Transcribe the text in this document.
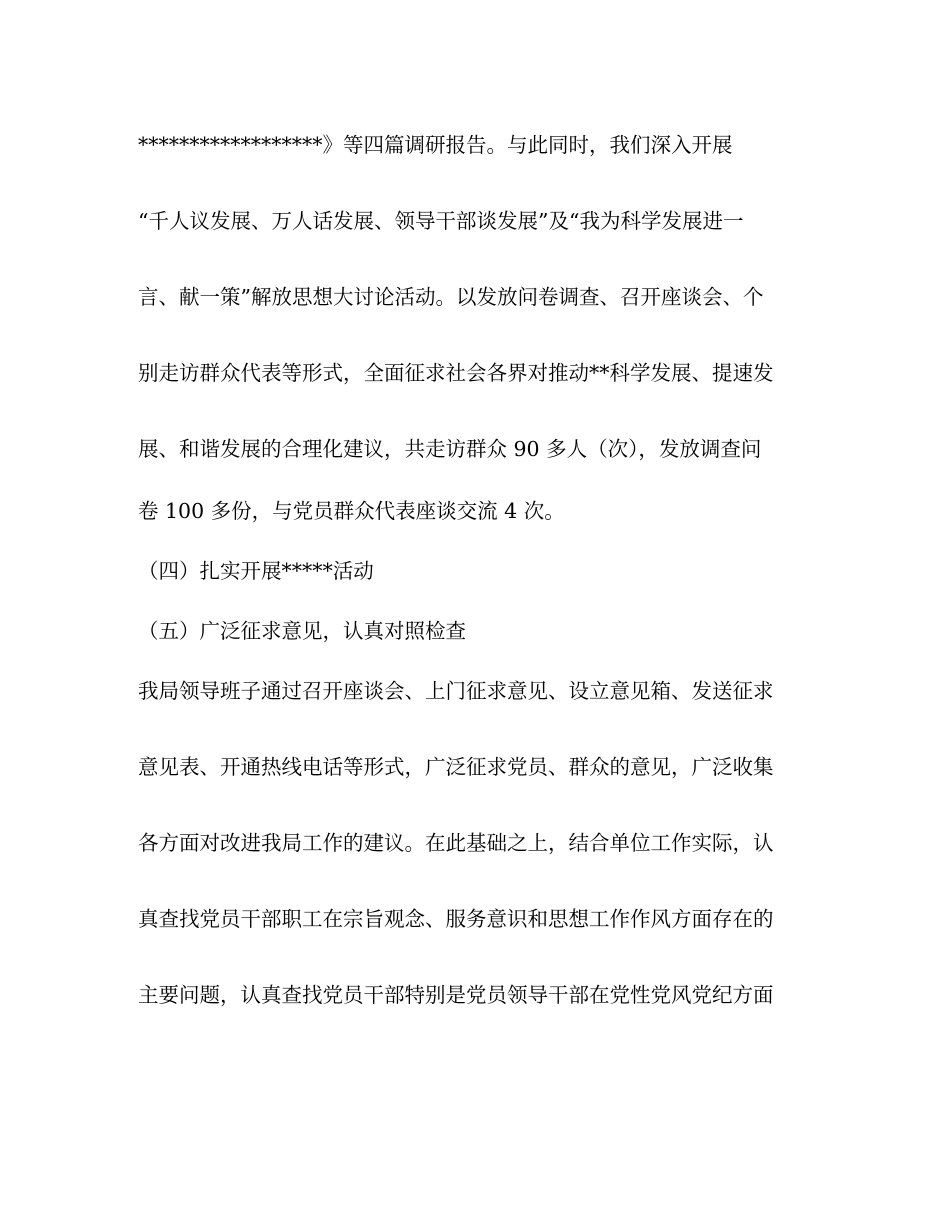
******************》等四篇调研报告。与此同时，我们深入开展
“千人议发展、万人话发展、领导干部谈发展”及“我为科学发展进一
言、献一策”解放思想大讨论活动。以发放问卷调查、召开座谈会、个
别走访群众代表等形式，全面征求社会各界对推动**科学发展、提速发
展、和谐发展的合理化建议，共走访群众 90 多人（次），发放调查问
卷 100 多份，与党员群众代表座谈交流 4 次。
（四）扎实开展*****活动
（五）广泛征求意见，认真对照检查
我局领导班子通过召开座谈会、上门征求意见、设立意见箱、发送征求
意见表、开通热线电话等形式，广泛征求党员、群众的意见，广泛收集
各方面对改进我局工作的建议。在此基础之上，结合单位工作实际，认
真查找党员干部职工在宗旨观念、服务意识和思想工作作风方面存在的
主要问题，认真查找党员干部特别是党员领导干部在党性党风党纪方面
